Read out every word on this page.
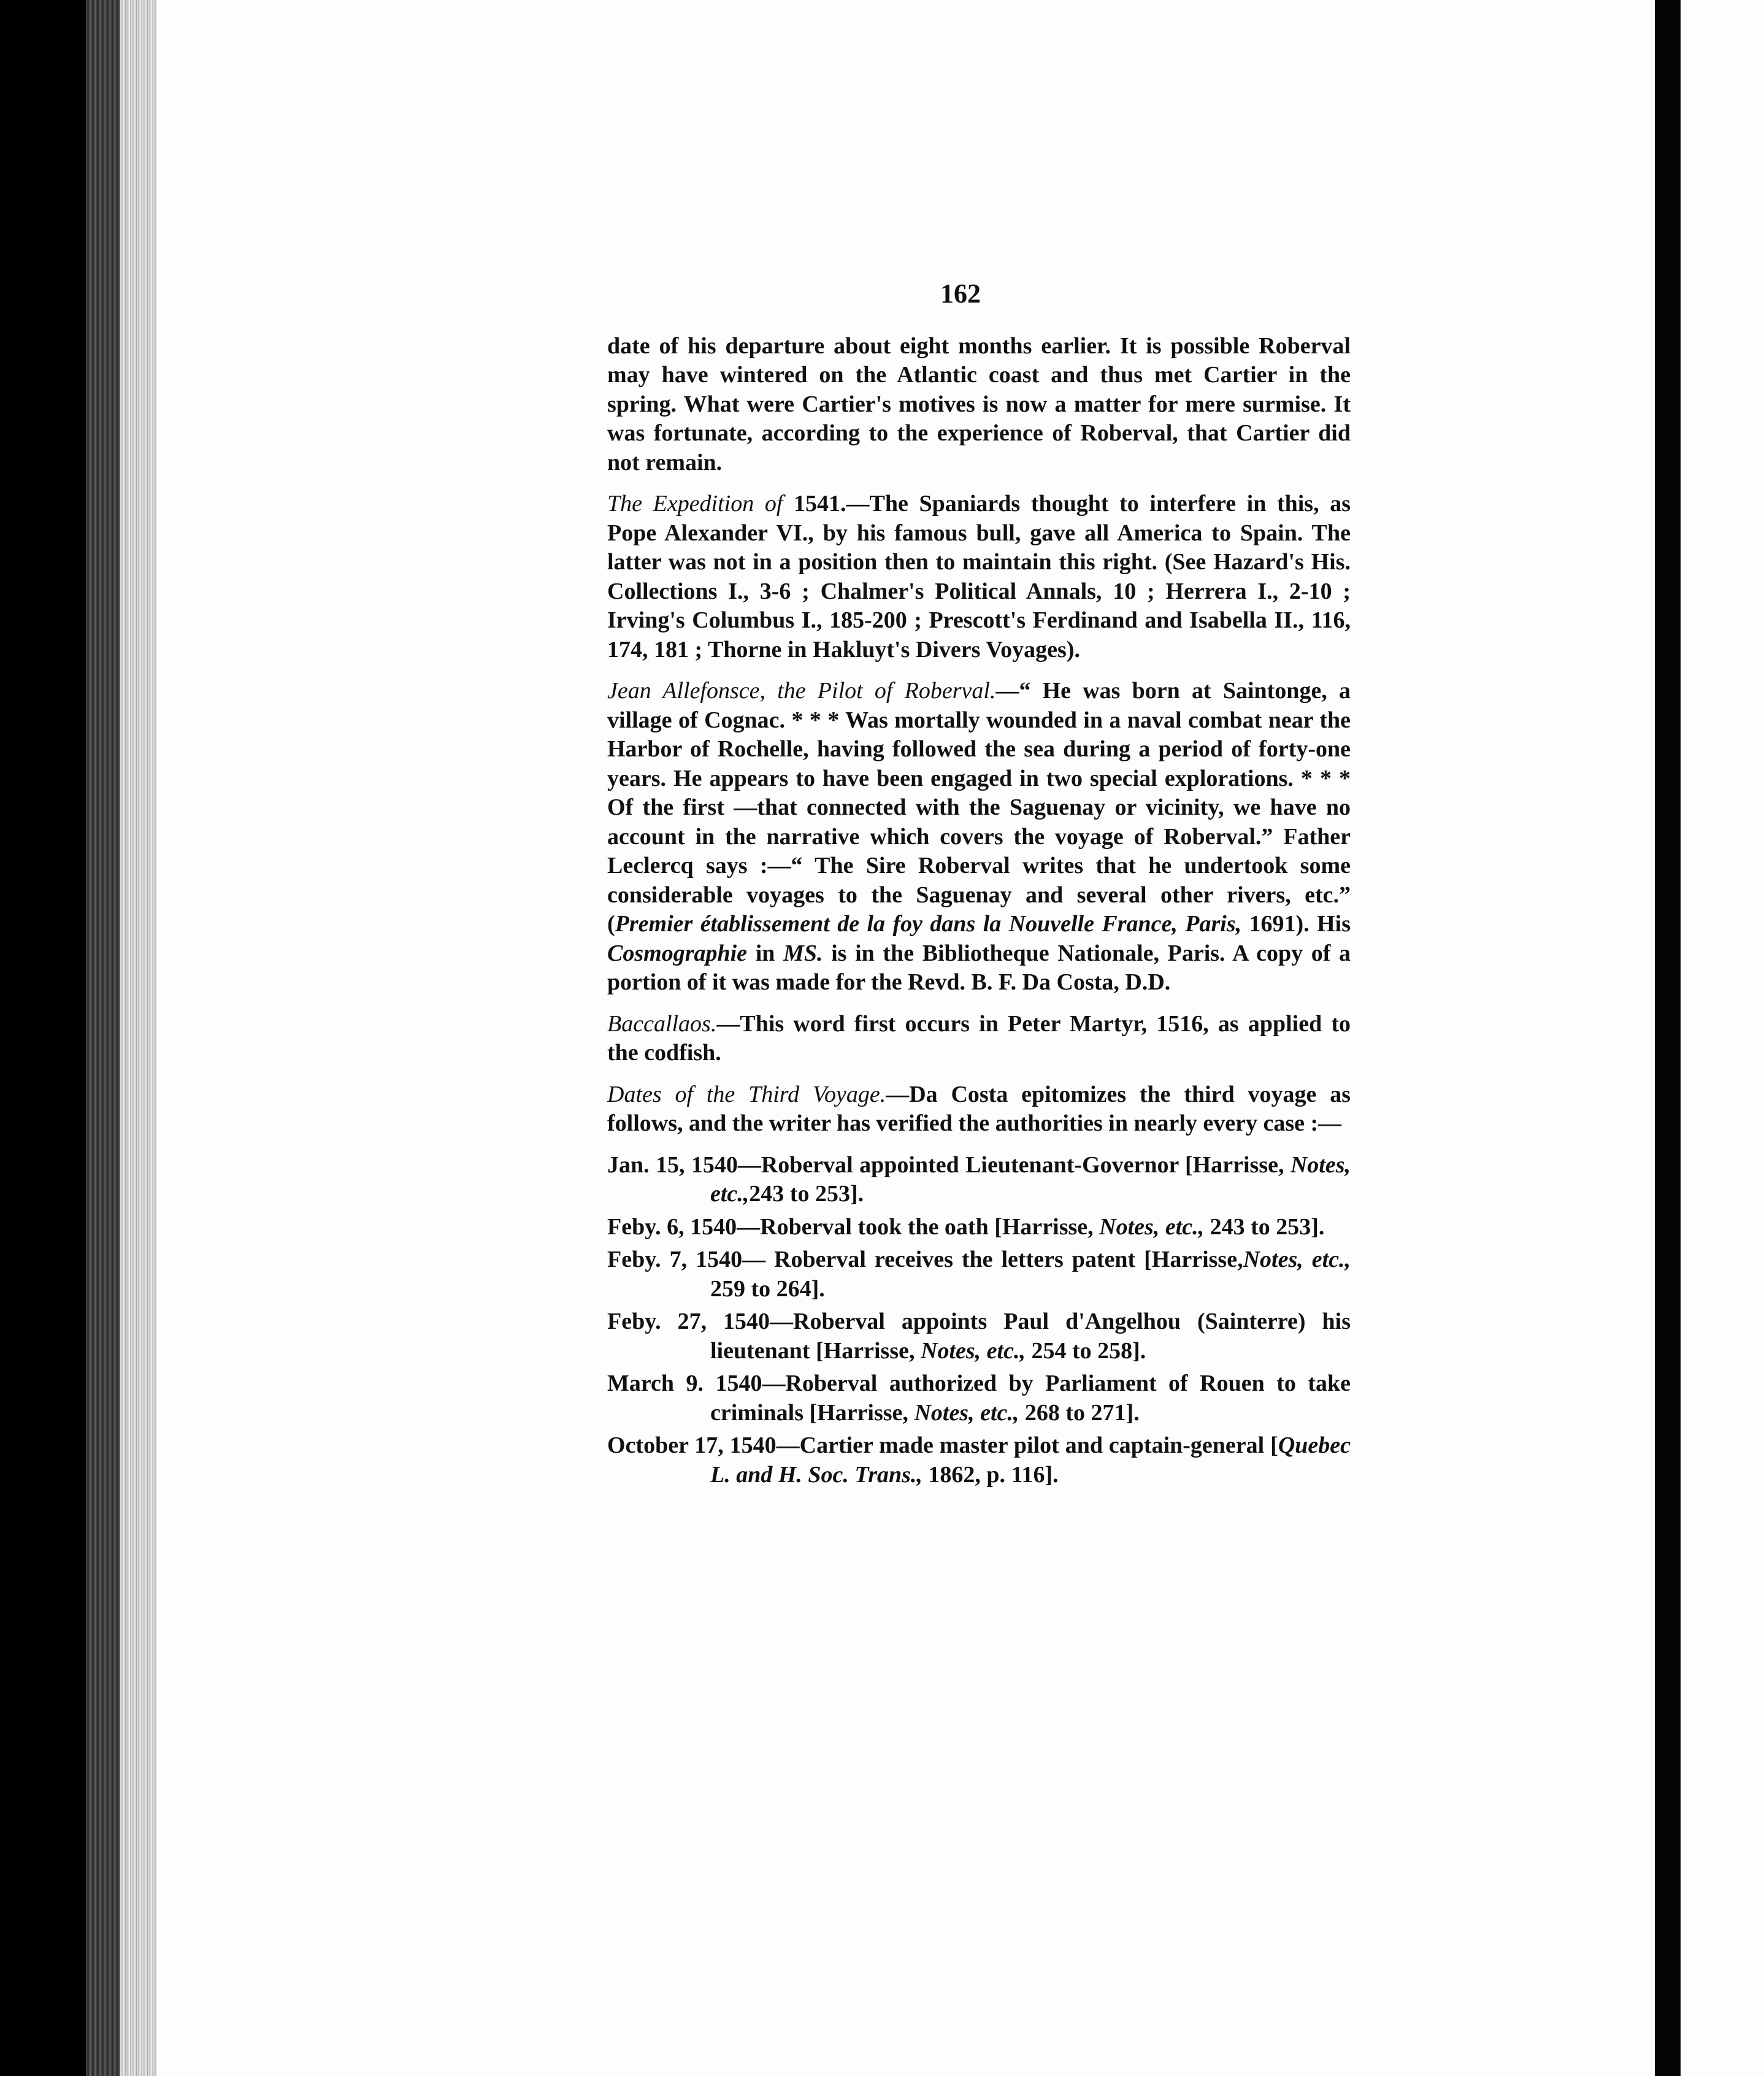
162

date of his departure about eight months earlier. It is possible Roberval may have wintered on the Atlantic coast and thus met Cartier in the spring. What were Cartier's motives is now a matter for mere surmise. It was fortunate, according to the experience of Roberval, that Cartier did not remain.

The Expedition of 1541.—The Spaniards thought to interfere in this, as Pope Alexander VI., by his famous bull, gave all America to Spain. The latter was not in a position then to maintain this right. (See Hazard's His. Collections I., 3-6 ; Chalmer's Political Annals, 10 ; Herrera I., 2-10 ; Irving's Columbus I., 185-200 ; Prescott's Ferdinand and Isabella II., 116, 174, 181 ; Thorne in Hakluyt's Divers Voyages).

Jean Allefonsce, the Pilot of Roberval.—“ He was born at Saintonge, a village of Cognac. * * * Was mortally wounded in a naval combat near the Harbor of Rochelle, having followed the sea during a period of forty-one years. He appears to have been engaged in two special explorations. * * * Of the first —that connected with the Saguenay or vicinity, we have no account in the narrative which covers the voyage of Roberval.” Father Leclercq says :—“ The Sire Roberval writes that he undertook some considerable voyages to the Saguenay and several other rivers, etc.” (Premier établissement de la foy dans la Nouvelle France, Paris, 1691). His Cosmographie in MS. is in the Bibliotheque Nationale, Paris. A copy of a portion of it was made for the Revd. B. F. Da Costa, D.D.

Baccallaos.—This word first occurs in Peter Martyr, 1516, as applied to the codfish.

Dates of the Third Voyage.—Da Costa epitomizes the third voyage as follows, and the writer has verified the authorities in nearly every case :—

Jan. 15, 1540—Roberval appointed Lieutenant-Governor [Harrisse, Notes, etc.,243 to 253].
Feby. 6, 1540—Roberval took the oath [Harrisse, Notes, etc., 243 to 253].
Feby. 7, 1540— Roberval receives the letters patent [Harrisse,Notes, etc., 259 to 264].
Feby. 27, 1540—Roberval appoints Paul d'Angelhou (Sainterre) his lieutenant [Harrisse, Notes, etc., 254 to 258].
March 9. 1540—Roberval authorized by Parliament of Rouen to take criminals [Harrisse, Notes, etc., 268 to 271].
October 17, 1540—Cartier made master pilot and captain-general [Quebec L. and H. Soc. Trans., 1862, p. 116].
